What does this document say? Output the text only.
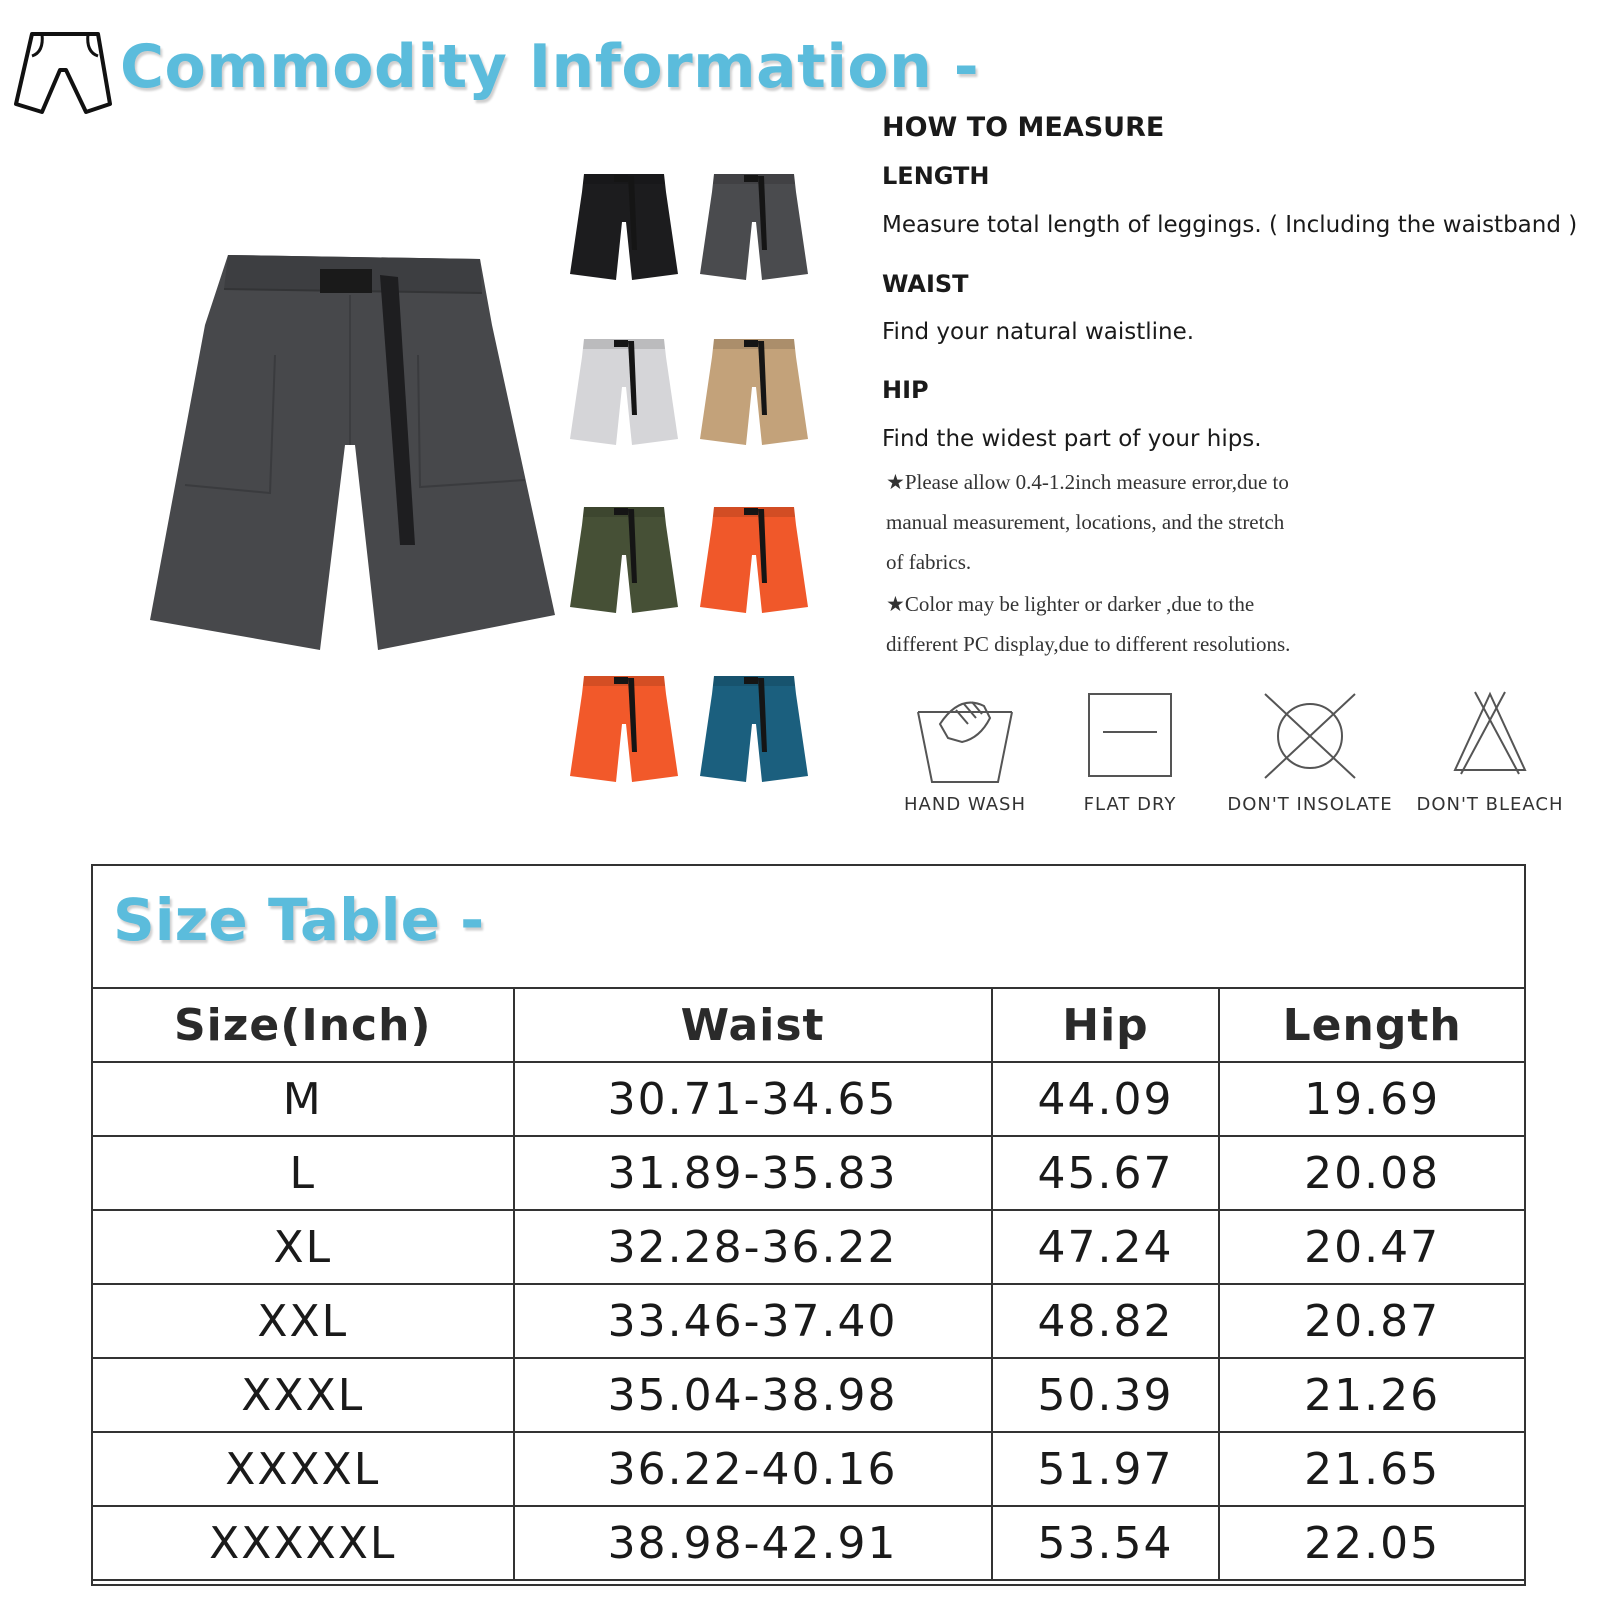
Commodity Information -
HOW TO MEASURE
LENGTH
Measure total length of leggings. ( Including the waistband )
WAIST
Find your natural waistline.
HIP
Find the widest part of your hips.
★Please allow 0.4-1.2inch measure error,due to
manual measurement, locations, and the stretch
of fabrics.
★Color may be lighter or darker ,due to the
different PC display,due to different resolutions.
HAND WASH	FLAT DRY	DON'T INSOLATE	DON'T BLEACH
Size Table -
Size(Inch)	Waist	Hip	Length
M	30.71-34.65	44.09	19.69
L	31.89-35.83	45.67	20.08
XL	32.28-36.22	47.24	20.47
XXL	33.46-37.40	48.82	20.87
XXXL	35.04-38.98	50.39	21.26
XXXXL	36.22-40.16	51.97	21.65
XXXXXL	38.98-42.91	53.54	22.05
